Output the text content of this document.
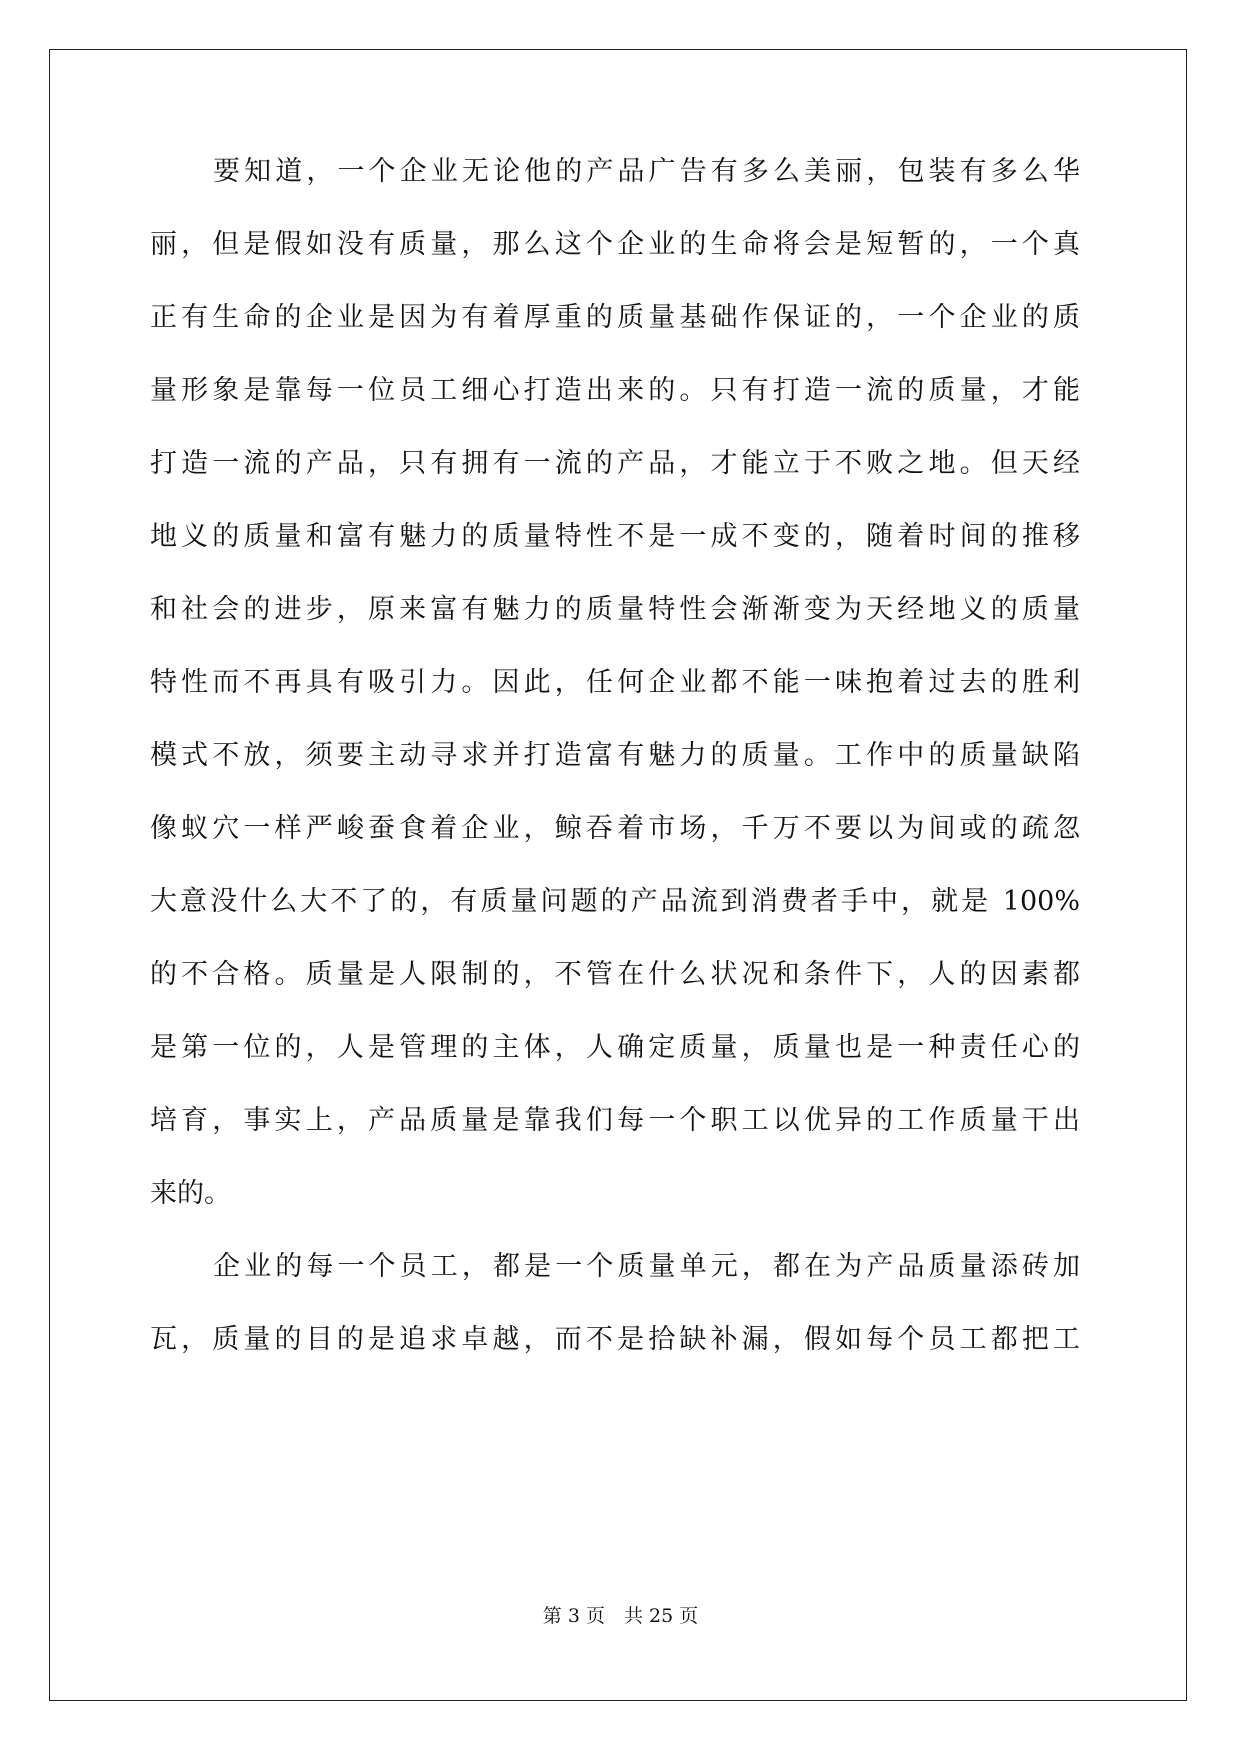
要知道，一个企业无论他的产品广告有多么美丽，包装有多么华
丽，但是假如没有质量，那么这个企业的生命将会是短暂的，一个真
正有生命的企业是因为有着厚重的质量基础作保证的，一个企业的质
量形象是靠每一位员工细心打造出来的。只有打造一流的质量，才能
打造一流的产品，只有拥有一流的产品，才能立于不败之地。但天经
地义的质量和富有魅力的质量特性不是一成不变的，随着时间的推移
和社会的进步，原来富有魅力的质量特性会渐渐变为天经地义的质量
特性而不再具有吸引力。因此，任何企业都不能一味抱着过去的胜利
模式不放，须要主动寻求并打造富有魅力的质量。工作中的质量缺陷
像蚁穴一样严峻蚕食着企业，鲸吞着市场，千万不要以为间或的疏忽
大意没什么大不了的，有质量问题的产品流到消费者手中，就是 100%
的不合格。质量是人限制的，不管在什么状况和条件下，人的因素都
是第一位的，人是管理的主体，人确定质量，质量也是一种责任心的
培育，事实上，产品质量是靠我们每一个职工以优异的工作质量干出
来的。
企业的每一个员工，都是一个质量单元，都在为产品质量添砖加
瓦，质量的目的是追求卓越，而不是拾缺补漏，假如每个员工都把工
第 3 页　共 25 页
